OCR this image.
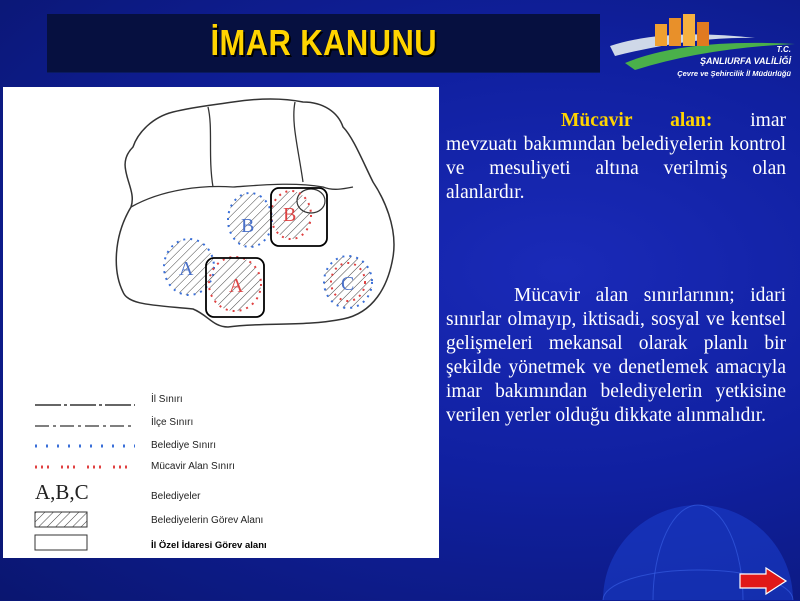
İMAR KANUNU	T.C.
ŞANLIURFA VALİLİĞİ
Çevre ve Şehircilik İl Müdürlüğü
B B
A
A	C
İl Sınırı
İlçe Sınırı
Belediye Sınırı
Mücavir Alan Sınırı
A,B,C	Belediyeler
Belediyelerin Görev Alanı
İl Özel İdaresi Görev alanı
Mücavir alan: imar mevzuatı bakımından belediyelerin kontrol ve mesuliyeti altına verilmiş olan alanlardır.
Mücavir alan sınırlarının; idari sınırlar olmayıp, iktisadi, sosyal ve kentsel gelişmeleri mekansal olarak planlı bir şekilde yönetmek ve denetlemek amacıyla imar bakımından belediyelerin yetkisine verilen yerler olduğu dikkate alınmalıdır.
